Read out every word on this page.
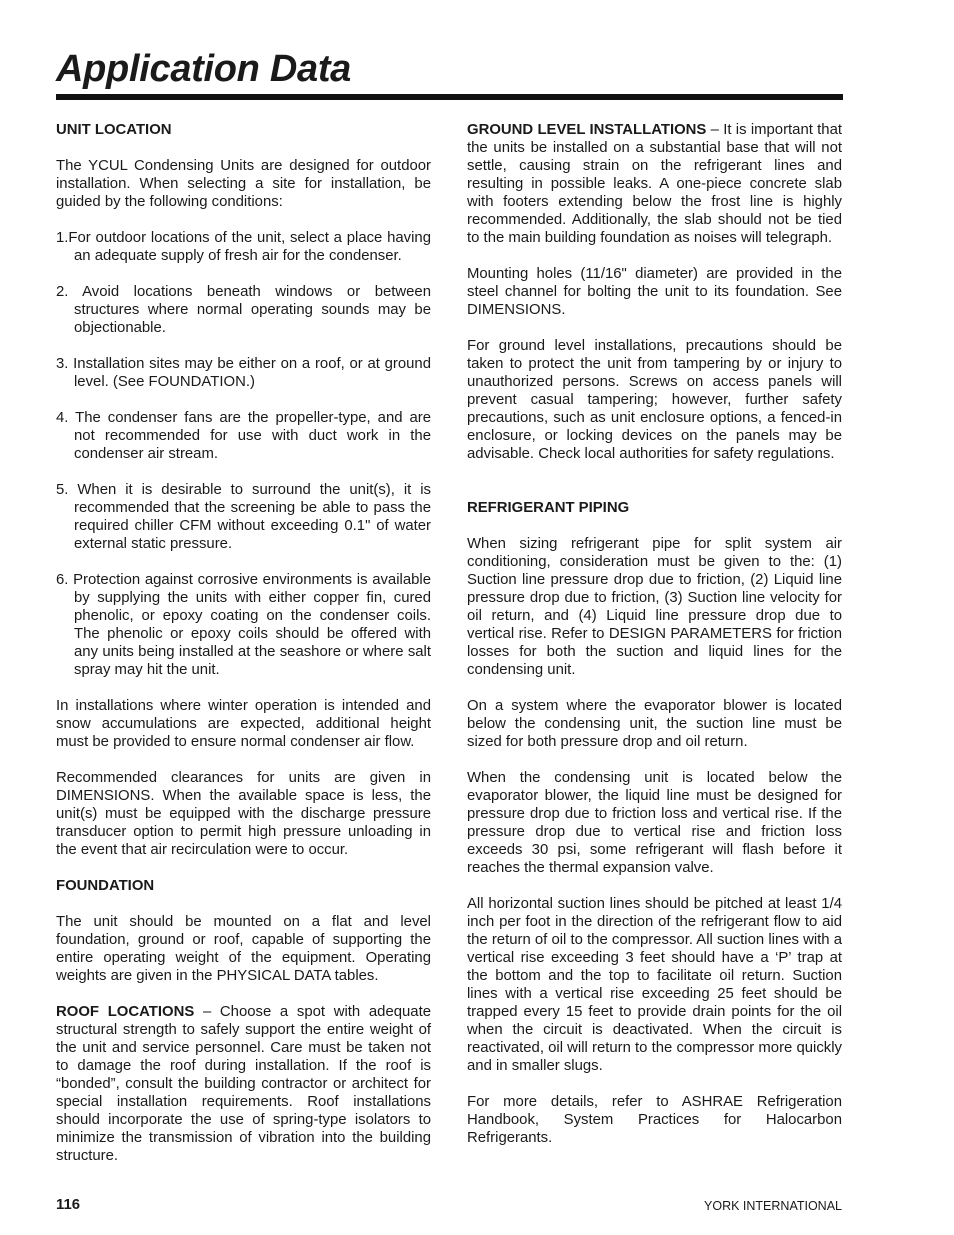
Application Data
UNIT LOCATION

The YCUL Condensing Units are designed for outdoor installation. When selecting a site for installation, be guided by the following conditions:

1.For outdoor locations of the unit, select a place having an adequate supply of fresh air for the condenser.
2. Avoid locations beneath windows or between structures where normal operating sounds may be objectionable.
3. Installation sites may be either on a roof, or at ground level. (See FOUNDATION.)
4. The condenser fans are the propeller-type, and are not recommended for use with duct work in the condenser air stream.
5. When it is desirable to surround the unit(s), it is recommended that the screening be able to pass the required chiller CFM without exceeding 0.1" of water external static pressure.
6. Protection against corrosive environments is available by supplying the units with either copper fin, cured phenolic, or epoxy coating on the condenser coils. The phenolic or epoxy coils should be offered with any units being installed at the seashore or where salt spray may hit the unit.

In installations where winter operation is intended and snow accumulations are expected, additional height must be provided to ensure normal condenser air flow.

Recommended clearances for units are given in DIMENSIONS. When the available space is less, the unit(s) must be equipped with the discharge pressure transducer option to permit high pressure unloading in the event that air recirculation were to occur.

FOUNDATION

The unit should be mounted on a flat and level foundation, ground or roof, capable of supporting the entire operating weight of the equipment. Operating weights are given in the PHYSICAL DATA tables.

ROOF LOCATIONS – Choose a spot with adequate structural strength to safely support the entire weight of the unit and service personnel. Care must be taken not to damage the roof during installation. If the roof is “bonded”, consult the building contractor or architect for special installation requirements. Roof installations should incorporate the use of spring-type isolators to minimize the transmission of vibration into the building structure.

GROUND LEVEL INSTALLATIONS – It is important that the units be installed on a substantial base that will not settle, causing strain on the refrigerant lines and resulting in possible leaks. A one-piece concrete slab with footers extending below the frost line is highly recommended. Additionally, the slab should not be tied to the main building foundation as noises will telegraph.

Mounting holes (11/16" diameter) are provided in the steel channel for bolting the unit to its foundation. See DIMENSIONS.

For ground level installations, precautions should be taken to protect the unit from tampering by or injury to unauthorized persons. Screws on access panels will prevent casual tampering; however, further safety precautions, such as unit enclosure options, a fenced-in enclosure, or locking devices on the panels may be advisable. Check local authorities for safety regulations.

REFRIGERANT PIPING

When sizing refrigerant pipe for split system air conditioning, consideration must be given to the: (1) Suction line pressure drop due to friction, (2) Liquid line pressure drop due to friction, (3) Suction line velocity for oil return, and (4) Liquid line pressure drop due to vertical rise. Refer to DESIGN PARAMETERS for friction losses for both the suction and liquid lines for the condensing unit.

On a system where the evaporator blower is located below the condensing unit, the suction line must be sized for both pressure drop and oil return.

When the condensing unit is located below the evaporator blower, the liquid line must be designed for pressure drop due to friction loss and vertical rise. If the pressure drop due to vertical rise and friction loss exceeds 30 psi, some refrigerant will flash before it reaches the thermal expansion valve.

All horizontal suction lines should be pitched at least 1/4 inch per foot in the direction of the refrigerant flow to aid the return of oil to the compressor. All suction lines with a vertical rise exceeding 3 feet should have a ‘P’ trap at the bottom and the top to facilitate oil return. Suction lines with a vertical rise exceeding 25 feet should be trapped every 15 feet to provide drain points for the oil when the circuit is deactivated. When the circuit is reactivated, oil will return to the compressor more quickly and in smaller slugs.

For more details, refer to ASHRAE Refrigeration Handbook, System Practices for Halocarbon Refrigerants.

116	YORK INTERNATIONAL
